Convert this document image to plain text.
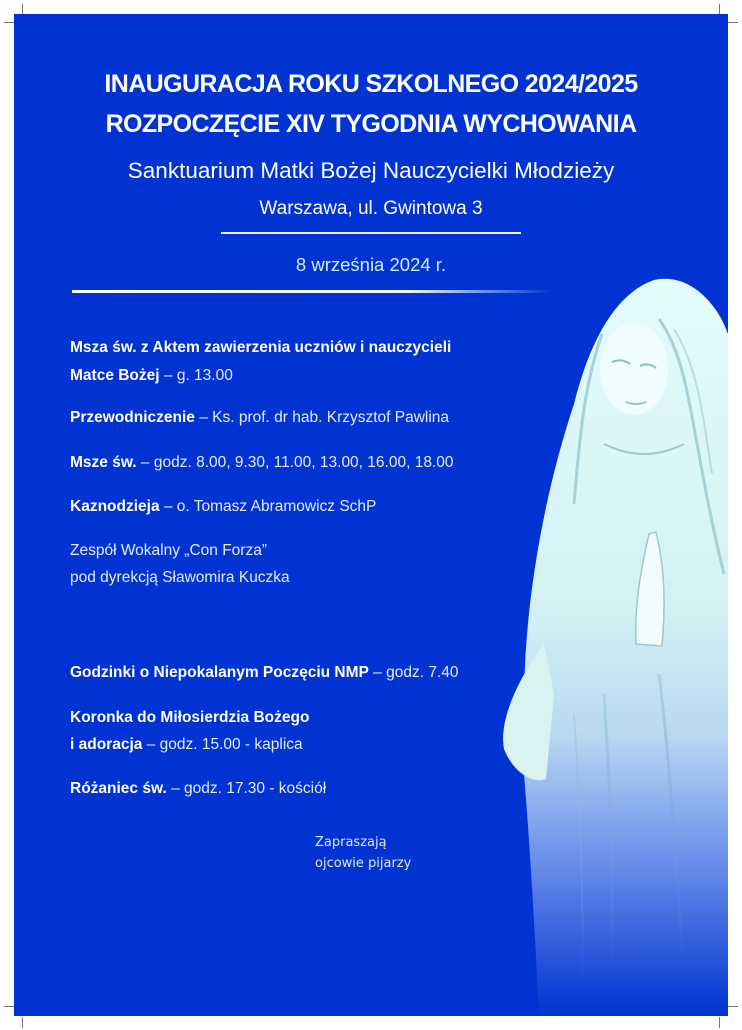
INAUGURACJA ROKU SZKOLNEGO 2024/2025
ROZPOCZĘCIE XIV TYGODNIA WYCHOWANIA
Sanktuarium Matki Bożej Nauczycielki Młodzieży
Warszawa, ul. Gwintowa 3
8 września 2024 r.
Msza św. z Aktem zawierzenia uczniów i nauczycieli
Matce Bożej – g. 13.00
Przewodniczenie – Ks. prof. dr hab. Krzysztof Pawlina
Msze św. – godz. 8.00, 9.30, 11.00, 13.00, 16.00, 18.00
Kaznodzieja – o. Tomasz Abramowicz SchP
Zespół Wokalny „Con Forza”
pod dyrekcją Sławomira Kuczka
Godzinki o Niepokalanym Poczęciu NMP – godz. 7.40
Koronka do Miłosierdzia Bożego
i adoracja – godz. 15.00 - kaplica
Różaniec św. – godz. 17.30 - kościół
Zapraszają
ojcowie pijarzy
